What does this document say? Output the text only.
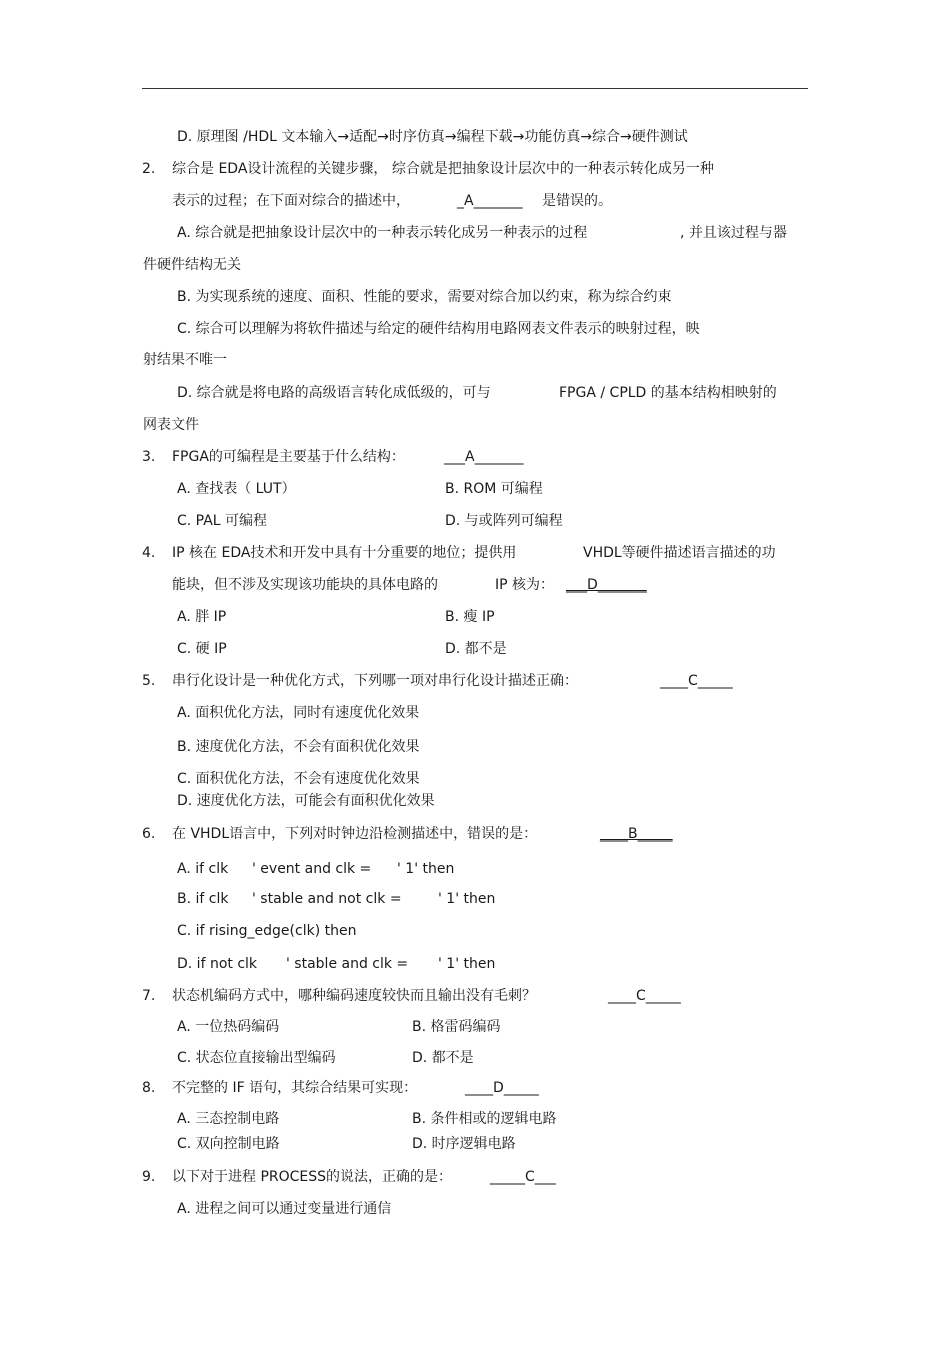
D. 原理图 /HDL 文本输入→适配→时序仿真→编程下载→功能仿真→综合→硬件测试
2.	综合是 EDA设计流程的关键步骤， 综合就是把抽象设计层次中的一种表示转化成另一种
表示的过程；在下面对综合的描述中，	_A_______ 是错误的。
A. 综合就是把抽象设计层次中的一种表示转化成另一种表示的过程	, 并且该过程与器
件硬件结构无关
B. 为实现系统的速度、面积、性能的要求，需要对综合加以约束，称为综合约束
C. 综合可以理解为将软件描述与给定的硬件结构用电路网表文件表示的映射过程，映
射结果不唯一
D. 综合就是将电路的高级语言转化成低级的，可与	FPGA / CPLD 的基本结构相映射的
网表文件
3.	FPGA的可编程是主要基于什么结构：	___A_______
A. 查找表（ LUT）	B. ROM 可编程
C. PAL 可编程	D. 与或阵列可编程
4.	IP 核在 EDA技术和开发中具有十分重要的地位；提供用	VHDL等硬件描述语言描述的功
能块，但不涉及实现该功能块的具体电路的	IP 核为： ___D_______
A. 胖 IP	B. 瘦 IP
C. 硬 IP	D. 都不是
5.	串行化设计是一种优化方式，下列哪一项对串行化设计描述正确：	____C_____
A. 面积优化方法，同时有速度优化效果
B. 速度优化方法，不会有面积优化效果
C. 面积优化方法，不会有速度优化效果
D. 速度优化方法，可能会有面积优化效果
6.	在 VHDL语言中，下列对时钟边沿检测描述中，错误的是：	____B_____
A. if clk ' event and clk = ' 1' then
B. if clk ' stable and not clk =	' 1' then
C. if rising_edge(clk) then
D. if not clk ' stable and clk = ' 1' then
7.	状态机编码方式中，哪种编码速度较快而且输出没有毛刺？	____C_____
A. 一位热码编码	B. 格雷码编码
C. 状态位直接输出型编码	D. 都不是
8.	不完整的 IF 语句，其综合结果可实现：	____D_____
A. 三态控制电路	B. 条件相或的逻辑电路
C. 双向控制电路	D. 时序逻辑电路
9.	以下对于进程 PROCESS的说法，正确的是：	_____C___
A. 进程之间可以通过变量进行通信
